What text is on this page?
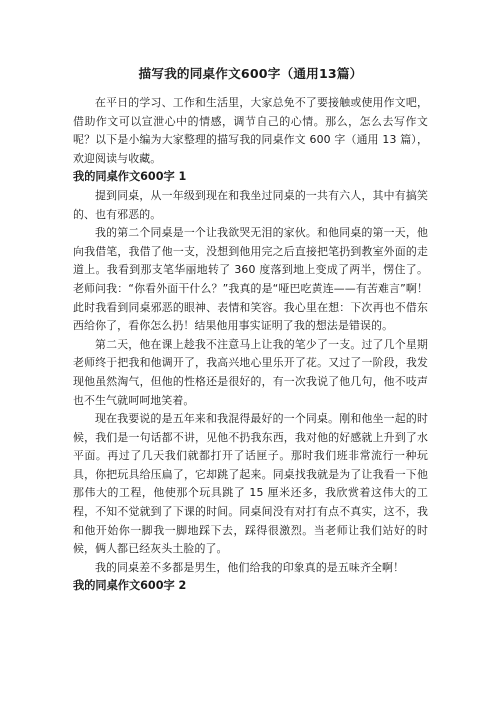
描写我的同桌作文600字（通用13篇）

在平日的学习、工作和生活里，大家总免不了要接触或使用作文吧，借助作文可以宣泄心中的情感，调节自己的心情。那么，怎么去写作文呢？以下是小编为大家整理的描写我的同桌作文 600 字（通用 13 篇），欢迎阅读与收藏。

我的同桌作文600字 1

提到同桌，从一年级到现在和我坐过同桌的一共有六人，其中有搞笑的、也有邪恶的。

我的第二个同桌是一个让我欲哭无泪的家伙。和他同桌的第一天，他向我借笔，我借了他一支，没想到他用完之后直接把笔扔到教室外面的走道上。我看到那支笔华丽地转了 360 度落到地上变成了两半，愣住了。老师问我：“你看外面干什么？”我真的是“哑巴吃黄连——有苦难言”啊！此时我看到同桌邪恶的眼神、表情和笑容。我心里在想：下次再也不借东西给你了，看你怎么扔！结果他用事实证明了我的想法是错误的。

第二天，他在课上趁我不注意马上让我的笔少了一支。过了几个星期老师终于把我和他调开了，我高兴地心里乐开了花。又过了一阶段，我发现他虽然淘气，但他的性格还是很好的，有一次我说了他几句，他不吱声也不生气就呵呵地笑着。

现在我要说的是五年来和我混得最好的一个同桌。刚和他坐一起的时候，我们是一句话都不讲，见他不扔我东西，我对他的好感就上升到了水平面。再过了几天我们就都打开了话匣子。那时我们班非常流行一种玩具，你把玩具给压扁了，它却跳了起来。同桌找我就是为了让我看一下他那伟大的工程，他使那个玩具跳了 15 厘米还多，我欣赏着这伟大的工程，不知不觉就到了下课的时间。同桌间没有对打有点不真实，这不，我和他开始你一脚我一脚地踩下去，踩得很激烈。当老师让我们站好的时候，俩人都已经灰头土脸的了。

我的同桌差不多都是男生，他们给我的印象真的是五味齐全啊！

我的同桌作文600字 2
